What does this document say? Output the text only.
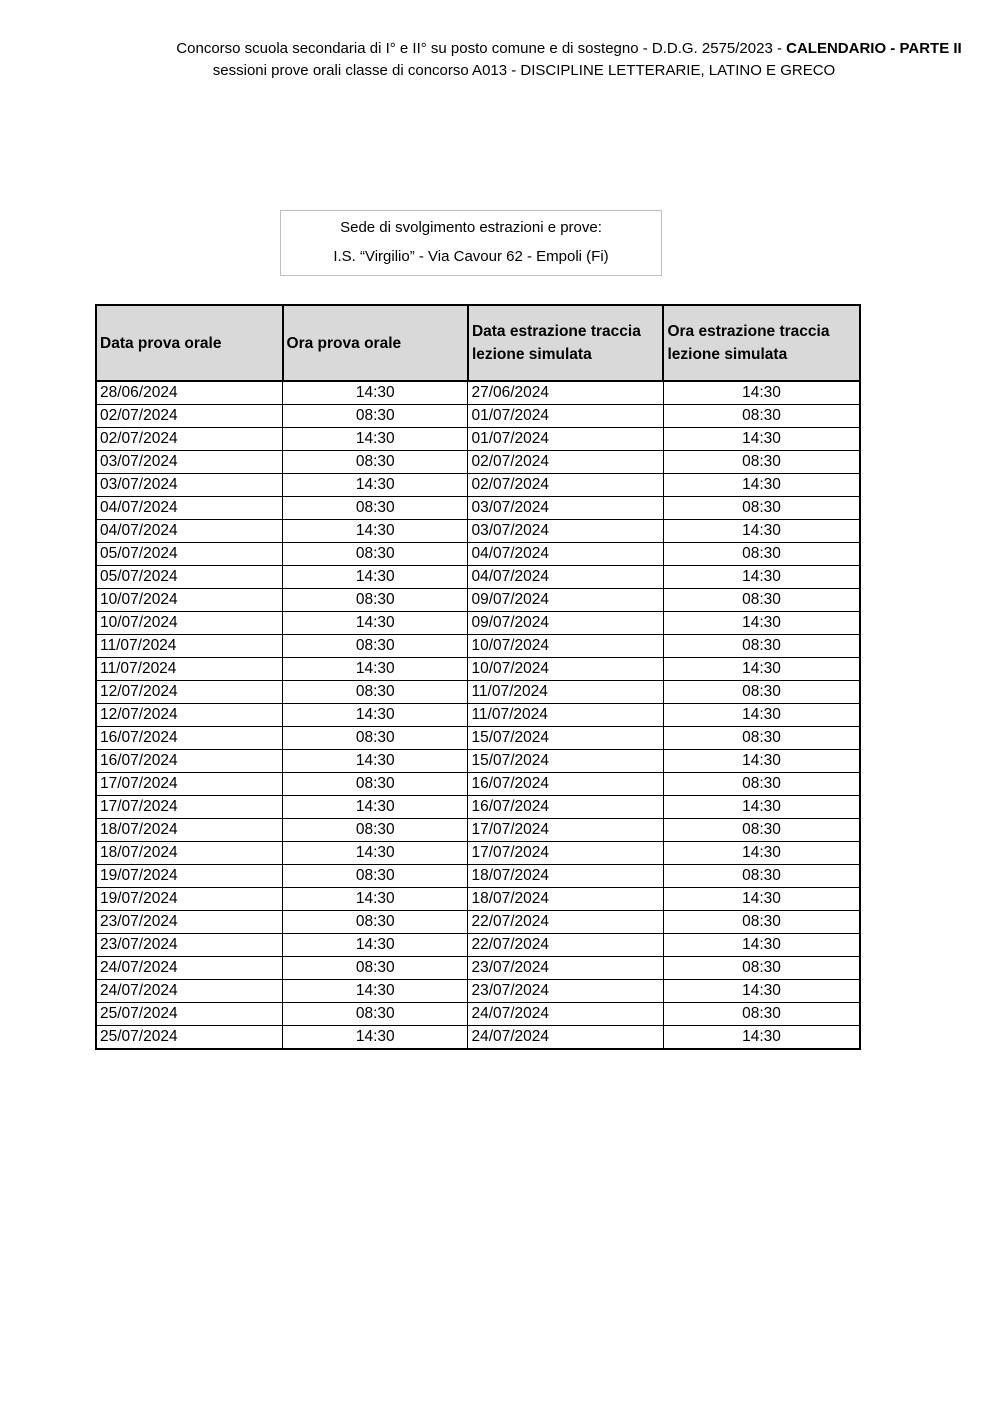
Concorso scuola secondaria di I° e II° su posto comune e di sostegno - D.D.G. 2575/2023 - CALENDARIO - PARTE II
sessioni prove orali classe di concorso A013 - DISCIPLINE LETTERARIE, LATINO E GRECO
Sede di svolgimento estrazioni e prove:
I.S. “Virgilio” - Via Cavour 62 - Empoli (Fi)
Data prova orale	Ora prova orale	Data estrazione traccia lezione simulata	Ora estrazione traccia lezione simulata
28/06/2024	14:30	27/06/2024	14:30
02/07/2024	08:30	01/07/2024	08:30
02/07/2024	14:30	01/07/2024	14:30
03/07/2024	08:30	02/07/2024	08:30
03/07/2024	14:30	02/07/2024	14:30
04/07/2024	08:30	03/07/2024	08:30
04/07/2024	14:30	03/07/2024	14:30
05/07/2024	08:30	04/07/2024	08:30
05/07/2024	14:30	04/07/2024	14:30
10/07/2024	08:30	09/07/2024	08:30
10/07/2024	14:30	09/07/2024	14:30
11/07/2024	08:30	10/07/2024	08:30
11/07/2024	14:30	10/07/2024	14:30
12/07/2024	08:30	11/07/2024	08:30
12/07/2024	14:30	11/07/2024	14:30
16/07/2024	08:30	15/07/2024	08:30
16/07/2024	14:30	15/07/2024	14:30
17/07/2024	08:30	16/07/2024	08:30
17/07/2024	14:30	16/07/2024	14:30
18/07/2024	08:30	17/07/2024	08:30
18/07/2024	14:30	17/07/2024	14:30
19/07/2024	08:30	18/07/2024	08:30
19/07/2024	14:30	18/07/2024	14:30
23/07/2024	08:30	22/07/2024	08:30
23/07/2024	14:30	22/07/2024	14:30
24/07/2024	08:30	23/07/2024	08:30
24/07/2024	14:30	23/07/2024	14:30
25/07/2024	08:30	24/07/2024	08:30
25/07/2024	14:30	24/07/2024	14:30
